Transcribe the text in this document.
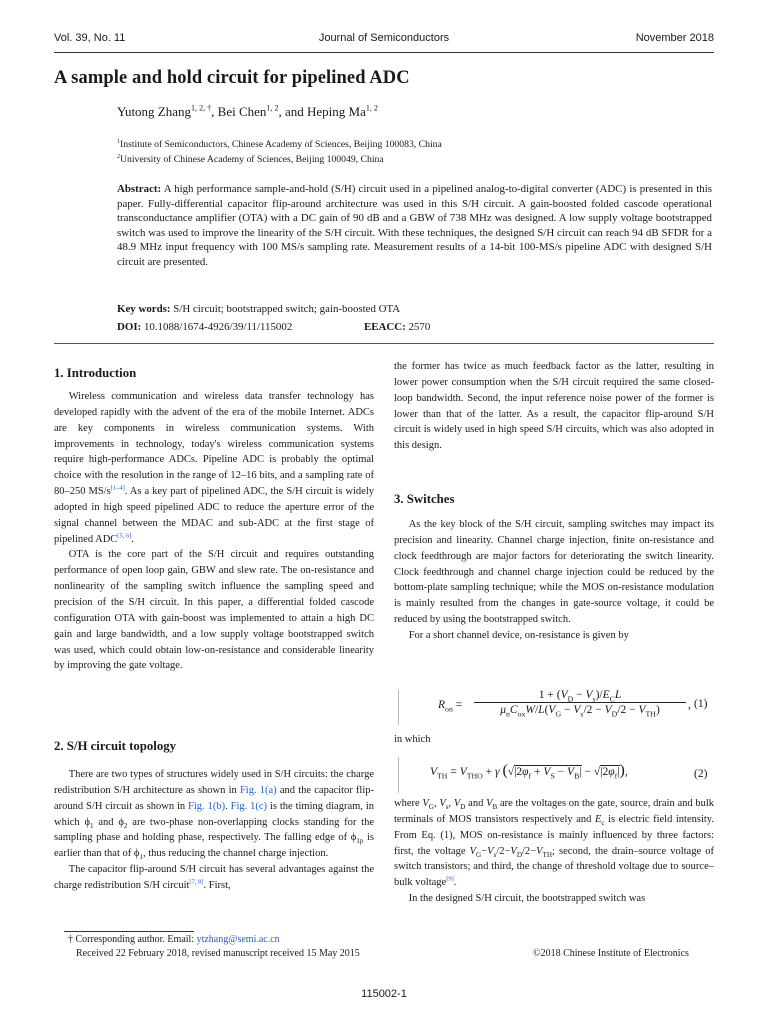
Vol. 39, No. 11	Journal of Semiconductors	November 2018
A sample and hold circuit for pipelined ADC
Yutong Zhang$^{1, 2, \dagger}$, Bei Chen$^{1, 2}$, and Heping Ma$^{1, 2}$
$^1$Institute of Semiconductors, Chinese Academy of Sciences, Beijing 100083, China
$^2$University of Chinese Academy of Sciences, Beijing 100049, China
Abstract: A high performance sample-and-hold (S/H) circuit used in a pipelined analog-to-digital converter (ADC) is presented in this paper. Fully-differential capacitor flip-around architecture was used in this S/H circuit. A gain-boosted folded cascode operational transconductance amplifier (OTA) with a DC gain of 90 dB and a GBW of 738 MHz was designed. A low supply voltage bootstrapped switch was used to improve the linearity of the S/H circuit. With these techniques, the designed S/H circuit can reach 94 dB SFDR for a 48.9 MHz input frequency with 100 MS/s sampling rate. Measurement results of a 14-bit 100-MS/s pipeline ADC with designed S/H circuit are presented.
Key words: S/H circuit; bootstrapped switch; gain-boosted OTA
DOI: 10.1088/1674-4926/39/11/115002	EEACC: 2570
1. Introduction

Wireless communication and wireless data transfer technology has developed rapidly with the advent of the era of the mobile Internet. ADCs are key components in wireless communication systems. With improvements in technology, today's wireless communication systems require high-performance ADCs. Pipeline ADC is probably the optimal choice with the resolution in the range of 12–16 bits, and a sampling rate of 80–250 MS/s[1–4]. As a key part of pipelined ADC, the S/H circuit is widely adopted in high speed pipelined ADC to reduce the aperture error of the signal channel between the MDAC and sub-ADC at the first stage of pipelined ADC[5, 6].

OTA is the core part of the S/H circuit and requires outstanding performance of open loop gain, GBW and slew rate. The on-resistance and nonlinearity of the sampling switch influence the sampling speed and precision of the S/H circuit. In this paper, a differential folded cascode configuration OTA with gain-boost was implemented to attain a high DC gain and large bandwidth, and a low supply voltage bootstrapped switch was used, which could obtain low-on-resistance and considerable linearity by improving the gate voltage.

2. S/H circuit topology

There are two types of structures widely used in S/H circuits: the charge redistribution S/H architecture as shown in Fig. 1(a) and the capacitor flip-around S/H circuit as shown in Fig. 1(b). Fig. 1(c) is the timing diagram, in which $\phi_1$ and $\phi_2$ are two-phase non-overlapping clocks standing for the sampling phase and holding phase, respectively. The falling edge of $\phi_{1p}$ is earlier than that of $\phi_1$, thus reducing the channel charge injection.

The capacitor flip-around S/H circuit has several advantages against the charge redistribution S/H circuit[7, 8]. First,

the former has twice as much feedback factor as the latter, resulting in lower power consumption when the S/H circuit required the same closed-loop bandwidth. Second, the input reference noise power of the former is lower than that of the latter. As a result, the capacitor flip-around S/H circuit is widely used in high speed S/H circuits, which was also adopted in this design.

3. Switches

As the key block of the S/H circuit, sampling switches may impact its precision and linearity. Channel charge injection, finite on-resistance and clock feedthrough are major factors for deteriorating the switch linearity. Clock feedthrough and channel charge injection could be reduced by the bottom-plate sampling technique; while the MOS on-resistance modulation is mainly resulted from the changes in gate-source voltage, it could be reduced by using the bootstrapped switch.

For a short channel device, on-resistance is given by

$R_{on}$ =
$1 + (V_D - V_s)/E_CL$
$\mu_nC_{ox}W/L(V_G - V_s/2 - V_D/2 - V_{TH})$	, (1)

in which

$V_{TH} = V_{THO} + \gamma$ $(√|2\varphi_f + V_S - V_B| - √|2\varphi_f|)$,	(2)

where $V_G$, $V_s$, $V_D$ and $V_B$ are the voltages on the gate, source, drain and bulk terminals of MOS transistors respectively and $E_c$ is electric field intensity. From Eq. (1), MOS on-resistance is mainly influenced by three factors: first, the voltage $V_G-V_s/2-V_D/2-V_{TH}$; second, the drain–source voltage of switch transistors; and third, the change of threshold voltage due to source–bulk voltage[9].

In the designed S/H circuit, the bootstrapped switch was

† Corresponding author. Email: ytzhang@semi.ac.cn
Received 22 February 2018, revised manuscript received 15 May 2015	©2018 Chinese Institute of Electronics
115002-1
